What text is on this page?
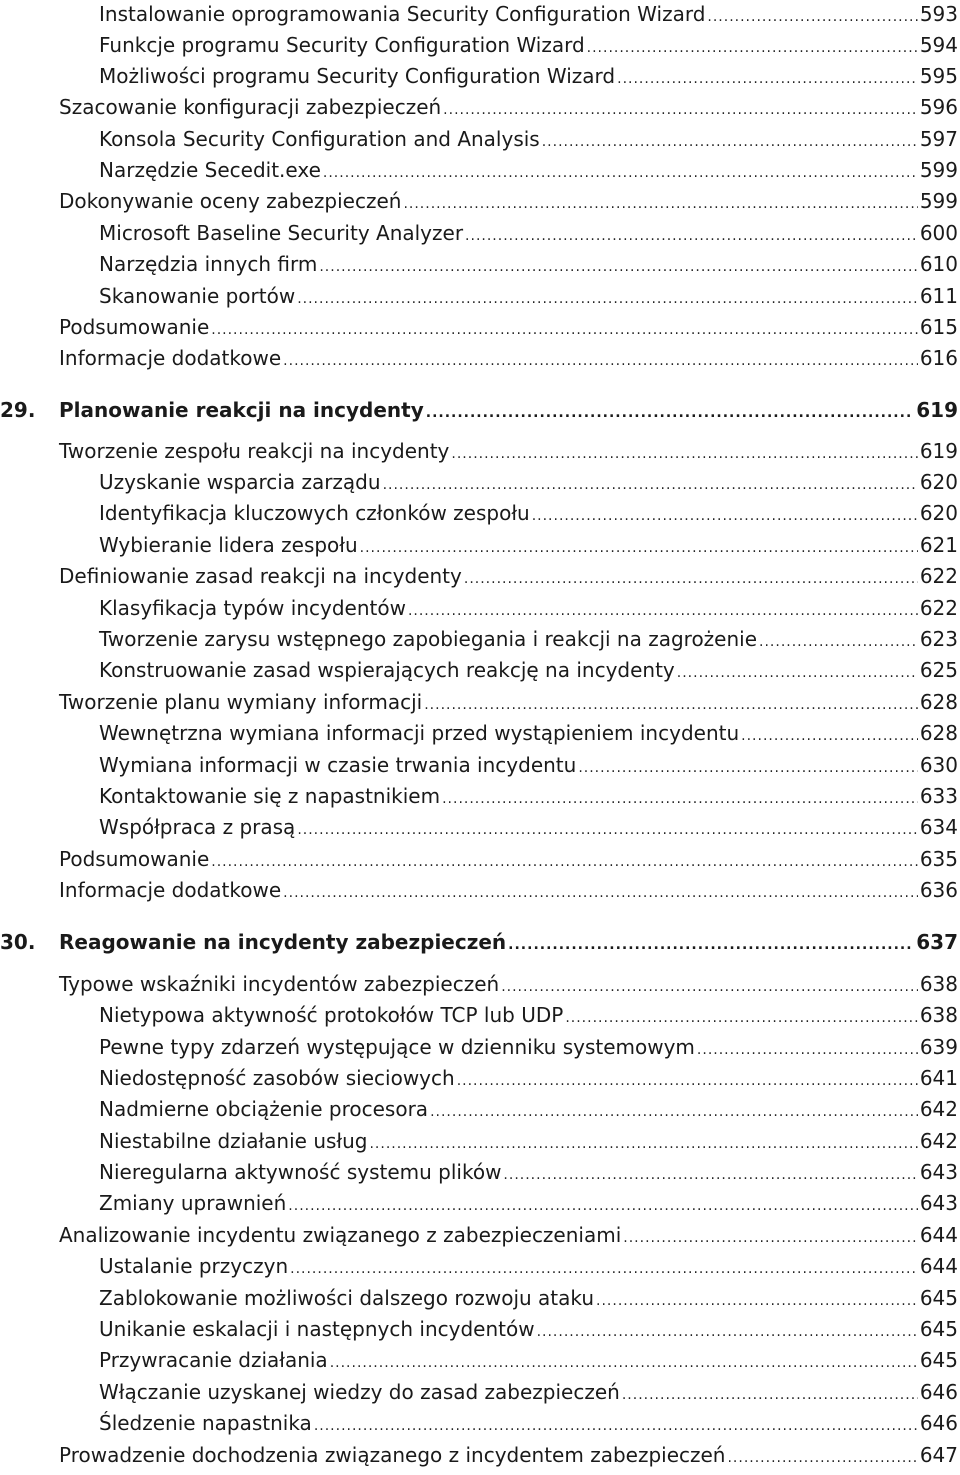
Instalowanie oprogramowania Security Configuration Wizard .....	593
Funkcje programu Security Configuration Wizard .....	594
Możliwości programu Security Configuration Wizard .....	595
Szacowanie konfiguracji zabezpieczeń .....	596
Konsola Security Configuration and Analysis .....	597
Narzędzie Secedit.exe .....	599
Dokonywanie oceny zabezpieczeń .....	599
Microsoft Baseline Security Analyzer .....	600
Narzędzia innych firm .....	610
Skanowanie portów .....	611
Podsumowanie .....	615
Informacje dodatkowe .....	616
29.	Planowanie reakcji na incydenty .....	619
Tworzenie zespołu reakcji na incydenty .....	619
Uzyskanie wsparcia zarządu .....	620
Identyfikacja kluczowych członków zespołu .....	620
Wybieranie lidera zespołu .....	621
Definiowanie zasad reakcji na incydenty .....	622
Klasyfikacja typów incydentów .....	622
Tworzenie zarysu wstępnego zapobiegania i reakcji na zagrożenie .....	623
Konstruowanie zasad wspierających reakcję na incydenty .....	625
Tworzenie planu wymiany informacji .....	628
Wewnętrzna wymiana informacji przed wystąpieniem incydentu .....	628
Wymiana informacji w czasie trwania incydentu .....	630
Kontaktowanie się z napastnikiem .....	633
Współpraca z prasą .....	634
Podsumowanie .....	635
Informacje dodatkowe .....	636
30.	Reagowanie na incydenty zabezpieczeń .....	637
Typowe wskaźniki incydentów zabezpieczeń .....	638
Nietypowa aktywność protokołów TCP lub UDP .....	638
Pewne typy zdarzeń występujące w dzienniku systemowym .....	639
Niedostępność zasobów sieciowych .....	641
Nadmierne obciążenie procesora .....	642
Niestabilne działanie usług .....	642
Nieregularna aktywność systemu plików .....	643
Zmiany uprawnień .....	643
Analizowanie incydentu związanego z zabezpieczeniami .....	644
Ustalanie przyczyn .....	644
Zablokowanie możliwości dalszego rozwoju ataku .....	645
Unikanie eskalacji i następnych incydentów .....	645
Przywracanie działania .....	645
Włączanie uzyskanej wiedzy do zasad zabezpieczeń .....	646
Śledzenie napastnika .....	646
Prowadzenie dochodzenia związanego z incydentem zabezpieczeń .....	647
